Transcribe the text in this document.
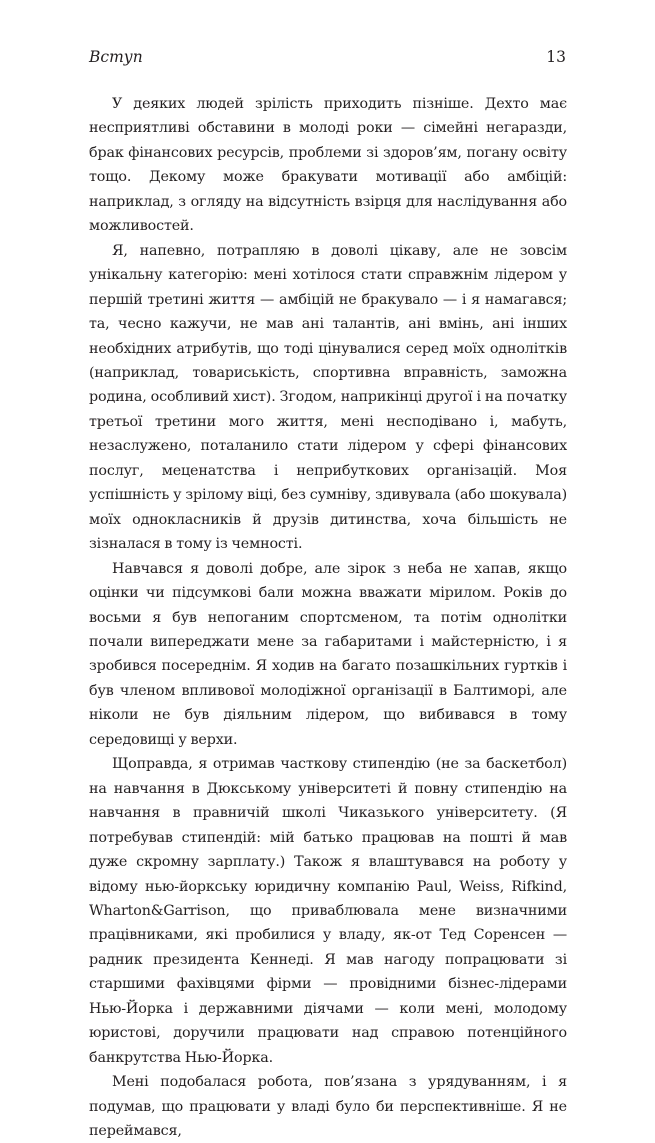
Вступ	13

У деяких людей зрілість приходить пізніше. Дехто має несприятливі обставини в молоді роки — сімейні негаразди, брак фінансових ресурсів, проблеми зі здоров’ям, погану освіту тощо. Декому може бракувати мотивації або амбіцій: наприклад, з огляду на відсутність взірця для наслідування або можливостей.

Я, напевно, потрапляю в доволі цікаву, але не зовсім унікальну категорію: мені хотілося стати справжнім лідером у першій третині життя — амбіцій не бракувало — і я намагався; та, чесно кажучи, не мав ані талантів, ані вмінь, ані інших необхідних атрибутів, що тоді цінувалися серед моїх однолітків (наприклад, товариськість, спортивна вправність, заможна родина, особливий хист). Згодом, наприкінці другої і на початку третьої третини мого життя, мені несподівано і, мабуть, незаслужено, поталанило стати лідером у сфері фінансових послуг, меценатства і неприбуткових організацій. Моя успішність у зрілому віці, без сумніву, здивувала (або шокувала) моїх однокласників й друзів дитинства, хоча більшість не зізналася в тому із чемності.

Навчався я доволі добре, але зірок з неба не хапав, якщо оцінки чи підсумкові бали можна вважати мірилом. Років до восьми я був непоганим спортсменом, та потім однолітки почали випереджати мене за габаритами і майстерністю, і я зробився посереднім. Я ходив на багато позашкільних гуртків і був членом впливової молодіжної організації в Балтиморі, але ніколи не був діяльним лідером, що вибивався в тому середовищі у верхи.

Щоправда, я отримав часткову стипендію (не за баскетбол) на навчання в Дюкському університеті й повну стипендію на навчання в правничій школі Чиказького університету. (Я потребував стипендій: мій батько працював на пошті й мав дуже скромну зарплату.) Також я влаштувався на роботу у відому нью-йоркську юридичну компанію Paul, Weiss, Rifkind, Wharton&Garrison, що приваблювала мене визначними працівниками, які пробилися у владу, як-от Тед Соренсен — радник президента Кеннеді. Я мав нагоду попрацювати зі старшими фахівцями фірми — провідними бізнес-лідерами Нью-Йорка і державними діячами — коли мені, молодому юристові, доручили працювати над справою потенційного банкрутства Нью-Йорка.

Мені подобалася робота, пов’язана з урядуванням, і я подумав, що працювати у владі було би перспективніше. Я не переймався,
